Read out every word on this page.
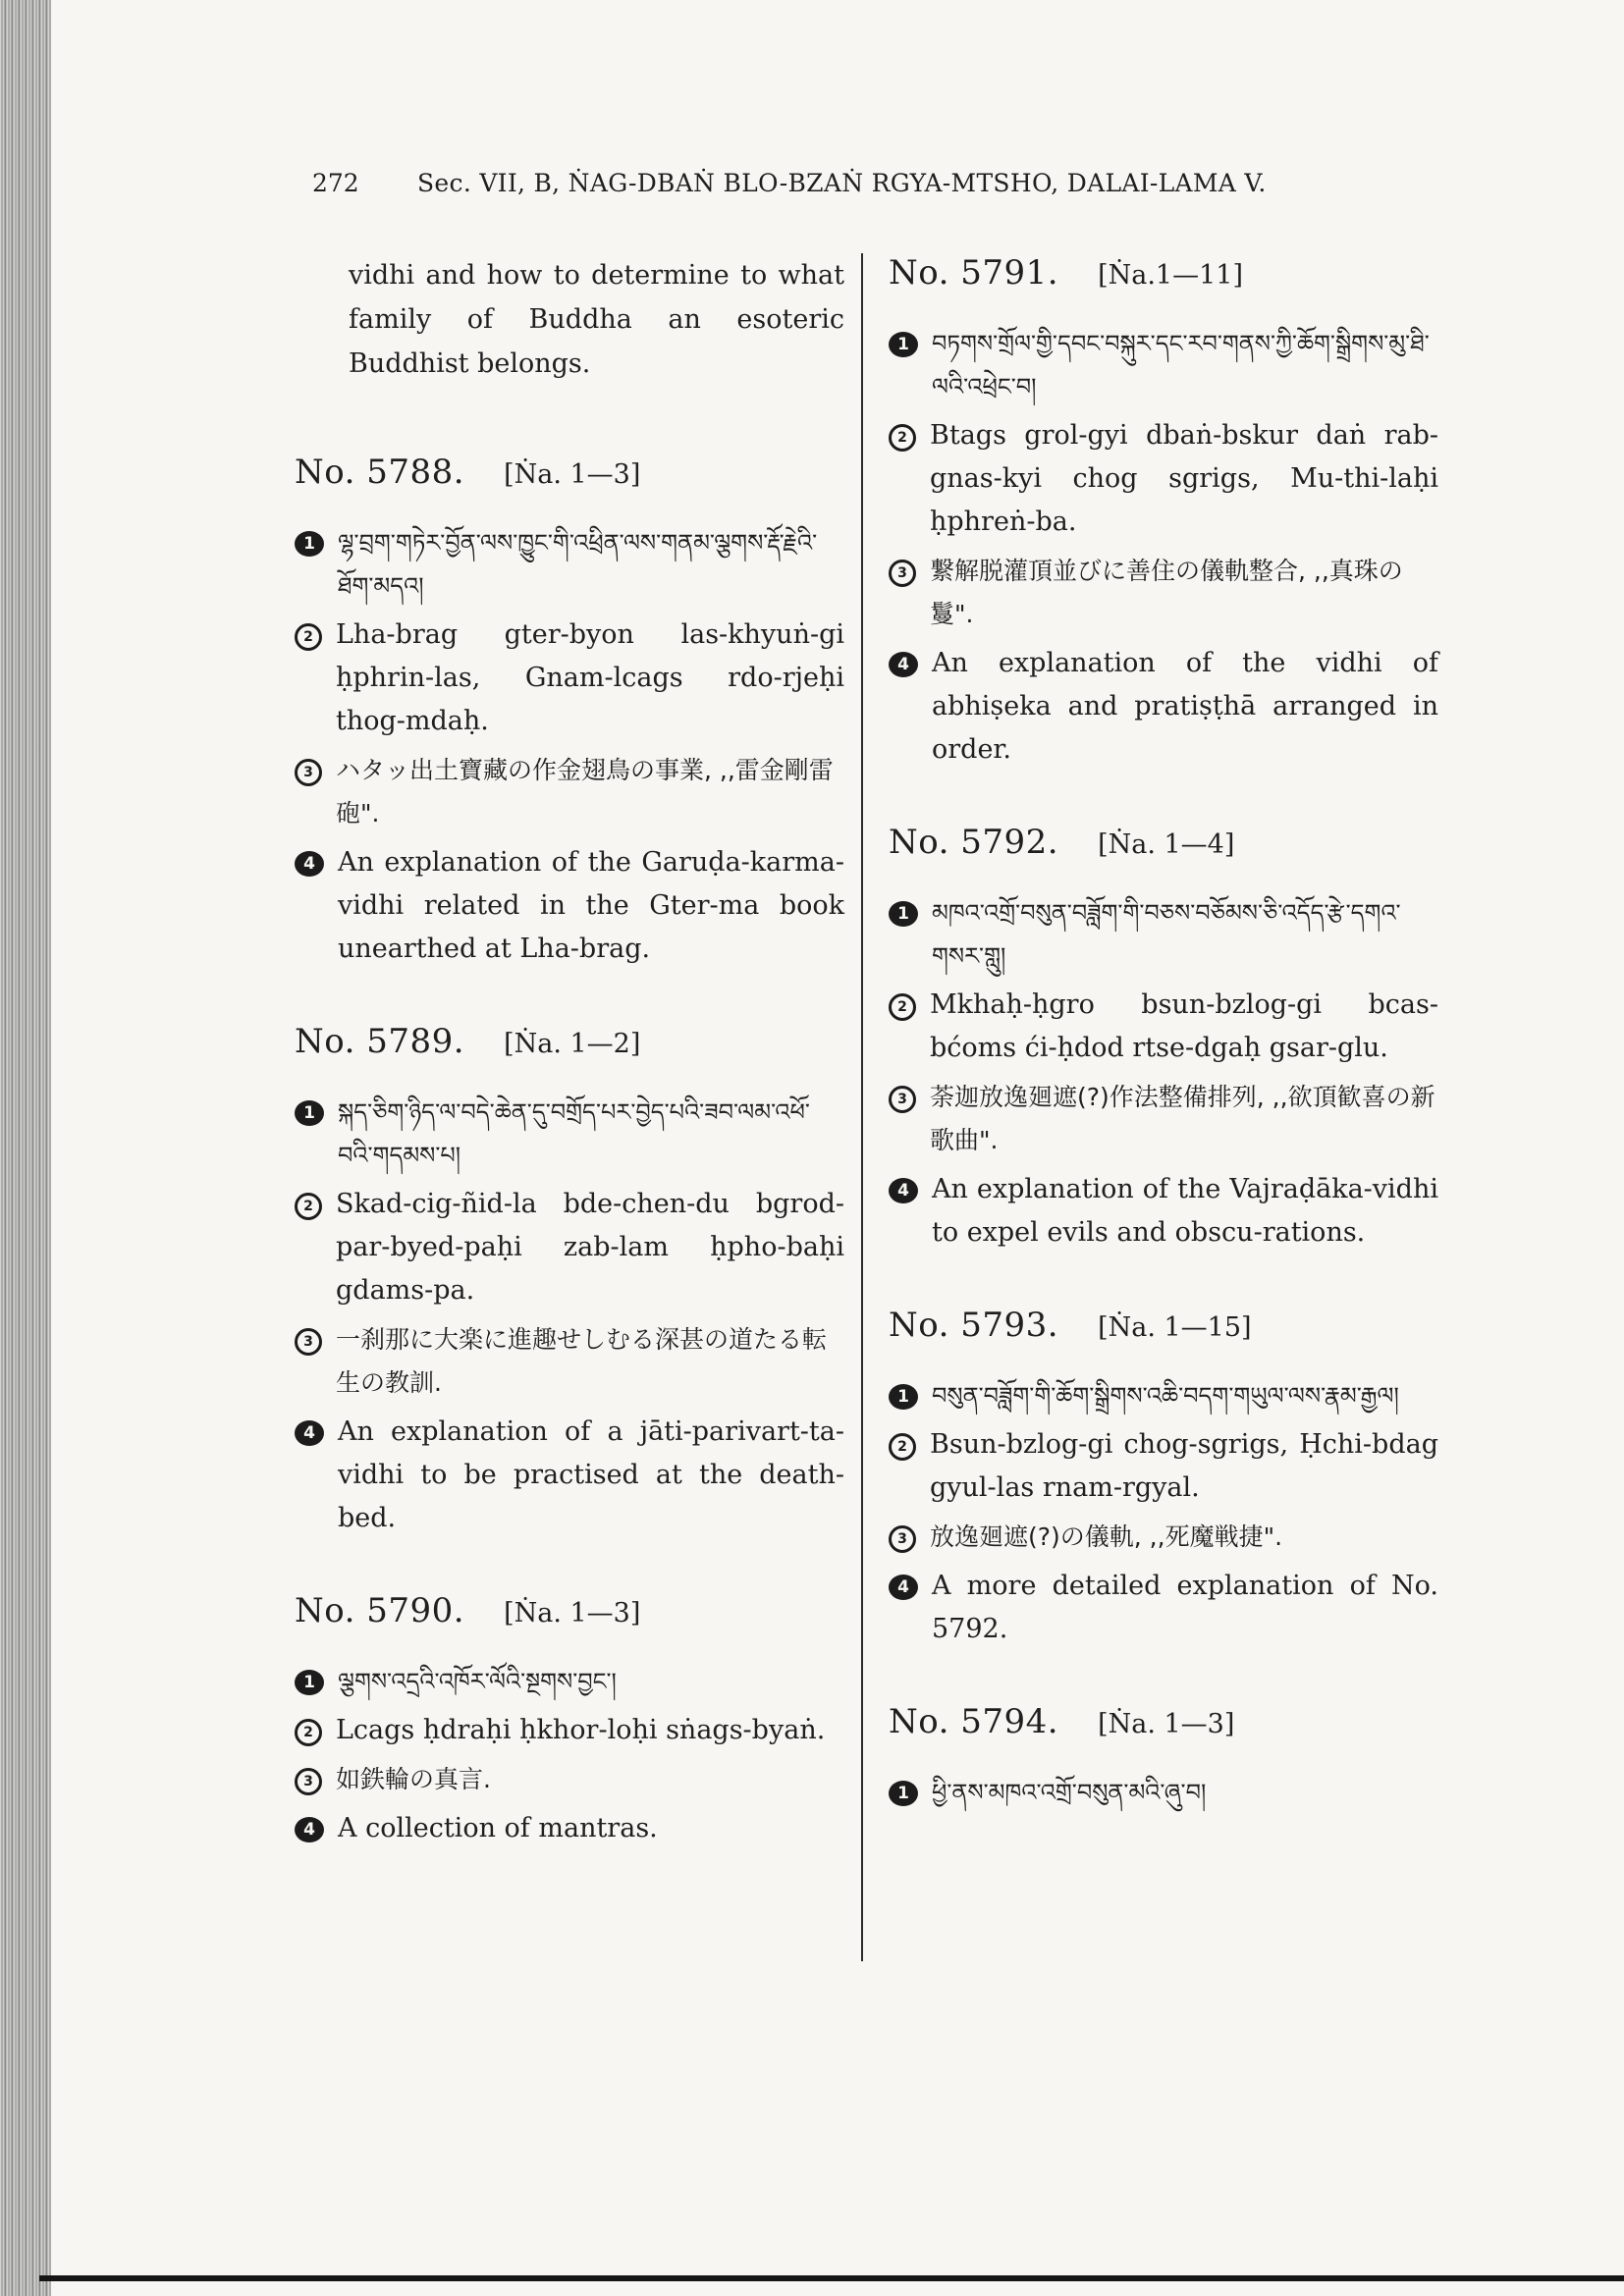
272 Sec. VII, B, ṄAG-DBAṄ BLO-BZAṄ RGYA-MTSHO, DALAI-LAMA V.

vidhi and how to determine to what family of Buddha an esoteric Buddhist belongs.

No. 5788. [Ṅa. 1—3]
1 ལྷ་བྲག་གཏེར་བྱོན་ལས་ཁྱུང་གི་འཕྲིན་ལས་གནམ་ལྕགས་རྡོ་རྗེའི་ཐོག་མདའ།
2 Lha-brag gter-byon las-khyuṅ-gi ḥphrin-las, Gnam-lcags rdo-rjeḥi thog-mdaḥ.
3 ハタッ出土寶藏の作金翅鳥の事業, ,,雷金剛雷砲".
4 An explanation of the Garuḍa-karma-vidhi related in the Gter-ma book unearthed at Lha-brag.
No. 5789. [Ṅa. 1—2]
1 སྐད་ཅིག་ཉིད་ལ་བདེ་ཆེན་དུ་བགྲོད་པར་བྱེད་པའི་ཟབ་ལམ་འཕོ་བའི་གདམས་པ།
2 Skad-cig-ñid-la bde-chen-du bgrod-par-byed-paḥi zab-lam ḥpho-baḥi gdams-pa.
3 一刹那に大楽に進趣せしむる深甚の道たる転生の教訓.
4 An explanation of a jāti-parivart-ta-vidhi to be practised at the death-bed.
No. 5790. [Ṅa. 1—3]
1 ལྕགས་འདྲའི་འཁོར་ལོའི་སྔགས་བྱང་།
2 Lcags ḥdraḥi ḥkhor-loḥi sṅags-byaṅ.
3 如鉄輪の真言.
4 A collection of mantras.
No. 5791. [Ṅa.1—11]
1 བཏགས་གྲོལ་གྱི་དབང་བསྐུར་དང་རབ་གནས་ཀྱི་ཆོག་སྒྲིགས་མུ་ཐི་ལའི་འཕྲེང་བ།
2 Btags grol-gyi dbaṅ-bskur daṅ rab-gnas-kyi chog sgrigs, Mu-thi-laḥi ḥphreṅ-ba.
3 繋解脱灌頂並びに善住の儀軌整合, ,,真珠の鬘".
4 An explanation of the vidhi of abhiṣeka and pratiṣṭhā arranged in order.
No. 5792. [Ṅa. 1—4]
1 མཁའ་འགྲོ་བསུན་བཟློག་གི་བཅས་བཅོམས་ཅི་འདོད་རྩེ་དགའ་གསར་གླུ།
2 Mkhaḥ-ḥgro bsun-bzlog-gi bcas-bćoms ći-ḥdod rtse-dgaḥ gsar-glu.
3 荼迦放逸廻遮(?)作法整備排列, ,,欲頂歓喜の新歌曲".
4 An explanation of the Vajraḍāka-vidhi to expel evils and obscu-rations.
No. 5793. [Ṅa. 1—15]
1 བསུན་བཟློག་གི་ཆོག་སྒྲིགས་འཆི་བདག་གཡུལ་ལས་རྣམ་རྒྱལ།
2 Bsun-bzlog-gi chog-sgrigs, Ḥchi-bdag gyul-las rnam-rgyal.
3 放逸廻遮(?)の儀軌, ,,死魔戦捷".
4 A more detailed explanation of No. 5792.
No. 5794. [Ṅa. 1—3]
1 ཕྱི་ནས་མཁའ་འགྲོ་བསུན་མའི་ཞུ་བ།
